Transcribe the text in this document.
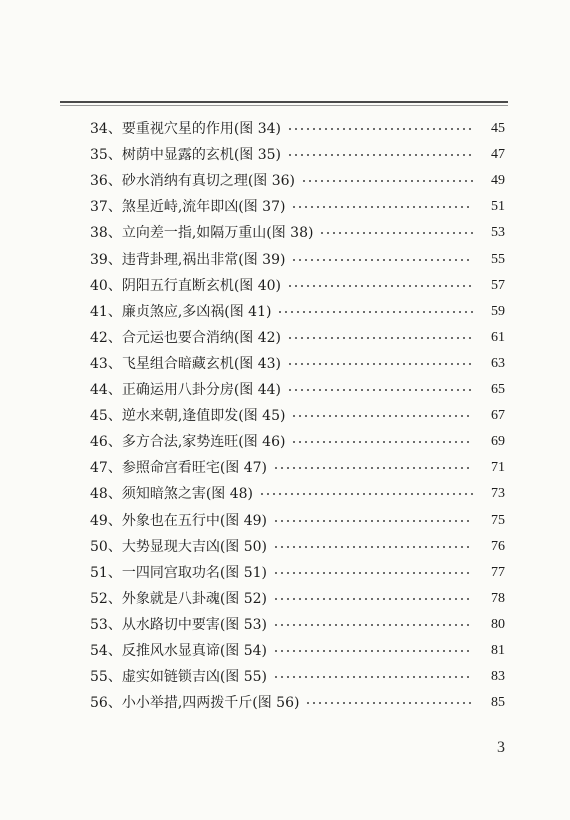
34、要重视穴星的作用(图 34)	45
35、树荫中显露的玄机(图 35)	47
36、砂水消纳有真切之理(图 36)	49
37、煞星近峙,流年即凶(图 37)	51
38、立向差一指,如隔万重山(图 38)	53
39、违背卦理,祸出非常(图 39)	55
40、阴阳五行直断玄机(图 40)	57
41、廉贞煞应,多凶祸(图 41)	59
42、合元运也要合消纳(图 42)	61
43、飞星组合暗藏玄机(图 43)	63
44、正确运用八卦分房(图 44)	65
45、逆水来朝,逢值即发(图 45)	67
46、多方合法,家势连旺(图 46)	69
47、参照命宫看旺宅(图 47)	71
48、须知暗煞之害(图 48)	73
49、外象也在五行中(图 49)	75
50、大势显现大吉凶(图 50)	76
51、一四同宫取功名(图 51)	77
52、外象就是八卦魂(图 52)	78
53、从水路切中要害(图 53)	80
54、反推风水显真谛(图 54)	81
55、虚实如链锁吉凶(图 55)	83
56、小小举措,四两拨千斤(图 56)	85
3
